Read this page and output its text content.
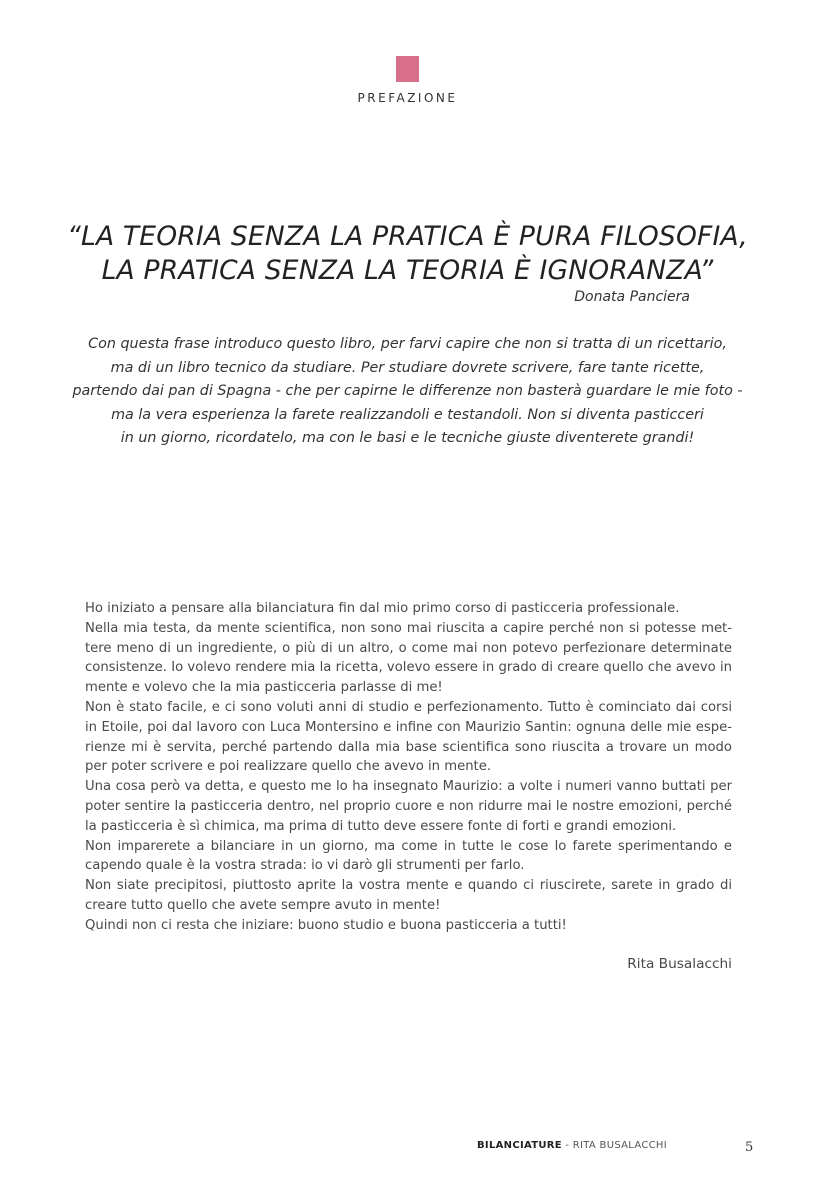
PREFAZIONE
“LA TEORIA SENZA LA PRATICA È PURA FILOSOFIA,
LA PRATICA SENZA LA TEORIA È IGNORANZA”
Donata Panciera
Con questa frase introduco questo libro, per farvi capire che non si tratta di un ricettario,
ma di un libro tecnico da studiare. Per studiare dovrete scrivere, fare tante ricette,
partendo dai pan di Spagna - che per capirne le differenze non basterà guardare le mie foto -
ma la vera esperienza la farete realizzandoli e testandoli. Non si diventa pasticceri
in un giorno, ricordatelo, ma con le basi e le tecniche giuste diventerete grandi!
Ho iniziato a pensare alla bilanciatura fin dal mio primo corso di pasticceria professionale.
Nella mia testa, da mente scientifica, non sono mai riuscita a capire perché non si potesse met-
tere meno di un ingrediente, o più di un altro, o come mai non potevo perfezionare determinate
consistenze. Io volevo rendere mia la ricetta, volevo essere in grado di creare quello che avevo in
mente e volevo che la mia pasticceria parlasse di me!
Non è stato facile, e ci sono voluti anni di studio e perfezionamento. Tutto è cominciato dai corsi
in Etoile, poi dal lavoro con Luca Montersino e infine con Maurizio Santin: ognuna delle mie espe-
rienze mi è servita, perché partendo dalla mia base scientifica sono riuscita a trovare un modo
per poter scrivere e poi realizzare quello che avevo in mente.
Una cosa però va detta, e questo me lo ha insegnato Maurizio: a volte i numeri vanno buttati per
poter sentire la pasticceria dentro, nel proprio cuore e non ridurre mai le nostre emozioni, perché
la pasticceria è sì chimica, ma prima di tutto deve essere fonte di forti e grandi emozioni.
Non imparerete a bilanciare in un giorno, ma come in tutte le cose lo farete sperimentando e
capendo quale è la vostra strada: io vi darò gli strumenti per farlo.
Non siate precipitosi, piuttosto aprite la vostra mente e quando ci riuscirete, sarete in grado di
creare tutto quello che avete sempre avuto in mente!
Quindi non ci resta che iniziare: buono studio e buona pasticceria a tutti!
Rita Busalacchi
BILANCIATURE - RITA BUSALACCHI	5
